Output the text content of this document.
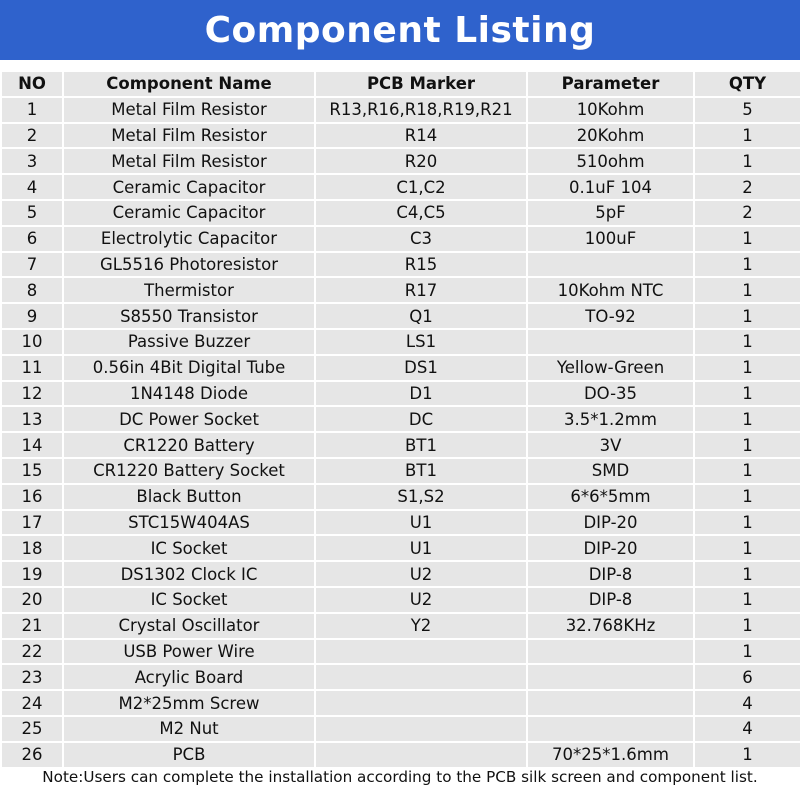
Component Listing
NO	Component Name	PCB Marker	Parameter	QTY
1	Metal Film Resistor	R13,R16,R18,R19,R21	10Kohm	5
2	Metal Film Resistor	R14	20Kohm	1
3	Metal Film Resistor	R20	510ohm	1
4	Ceramic Capacitor	C1,C2	0.1uF 104	2
5	Ceramic Capacitor	C4,C5	5pF	2
6	Electrolytic Capacitor	C3	100uF	1
7	GL5516 Photoresistor	R15		1
8	Thermistor	R17	10Kohm NTC	1
9	S8550 Transistor	Q1	TO-92	1
10	Passive Buzzer	LS1		1
11	0.56in 4Bit Digital Tube	DS1	Yellow-Green	1
12	1N4148 Diode	D1	DO-35	1
13	DC Power Socket	DC	3.5*1.2mm	1
14	CR1220 Battery	BT1	3V	1
15	CR1220 Battery Socket	BT1	SMD	1
16	Black Button	S1,S2	6*6*5mm	1
17	STC15W404AS	U1	DIP-20	1
18	IC Socket	U1	DIP-20	1
19	DS1302 Clock IC	U2	DIP-8	1
20	IC Socket	U2	DIP-8	1
21	Crystal Oscillator	Y2	32.768KHz	1
22	USB Power Wire			1
23	Acrylic Board			6
24	M2*25mm Screw			4
25	M2 Nut			4
26	PCB		70*25*1.6mm	1
Note:Users can complete the installation according to the PCB silk screen and component list.
